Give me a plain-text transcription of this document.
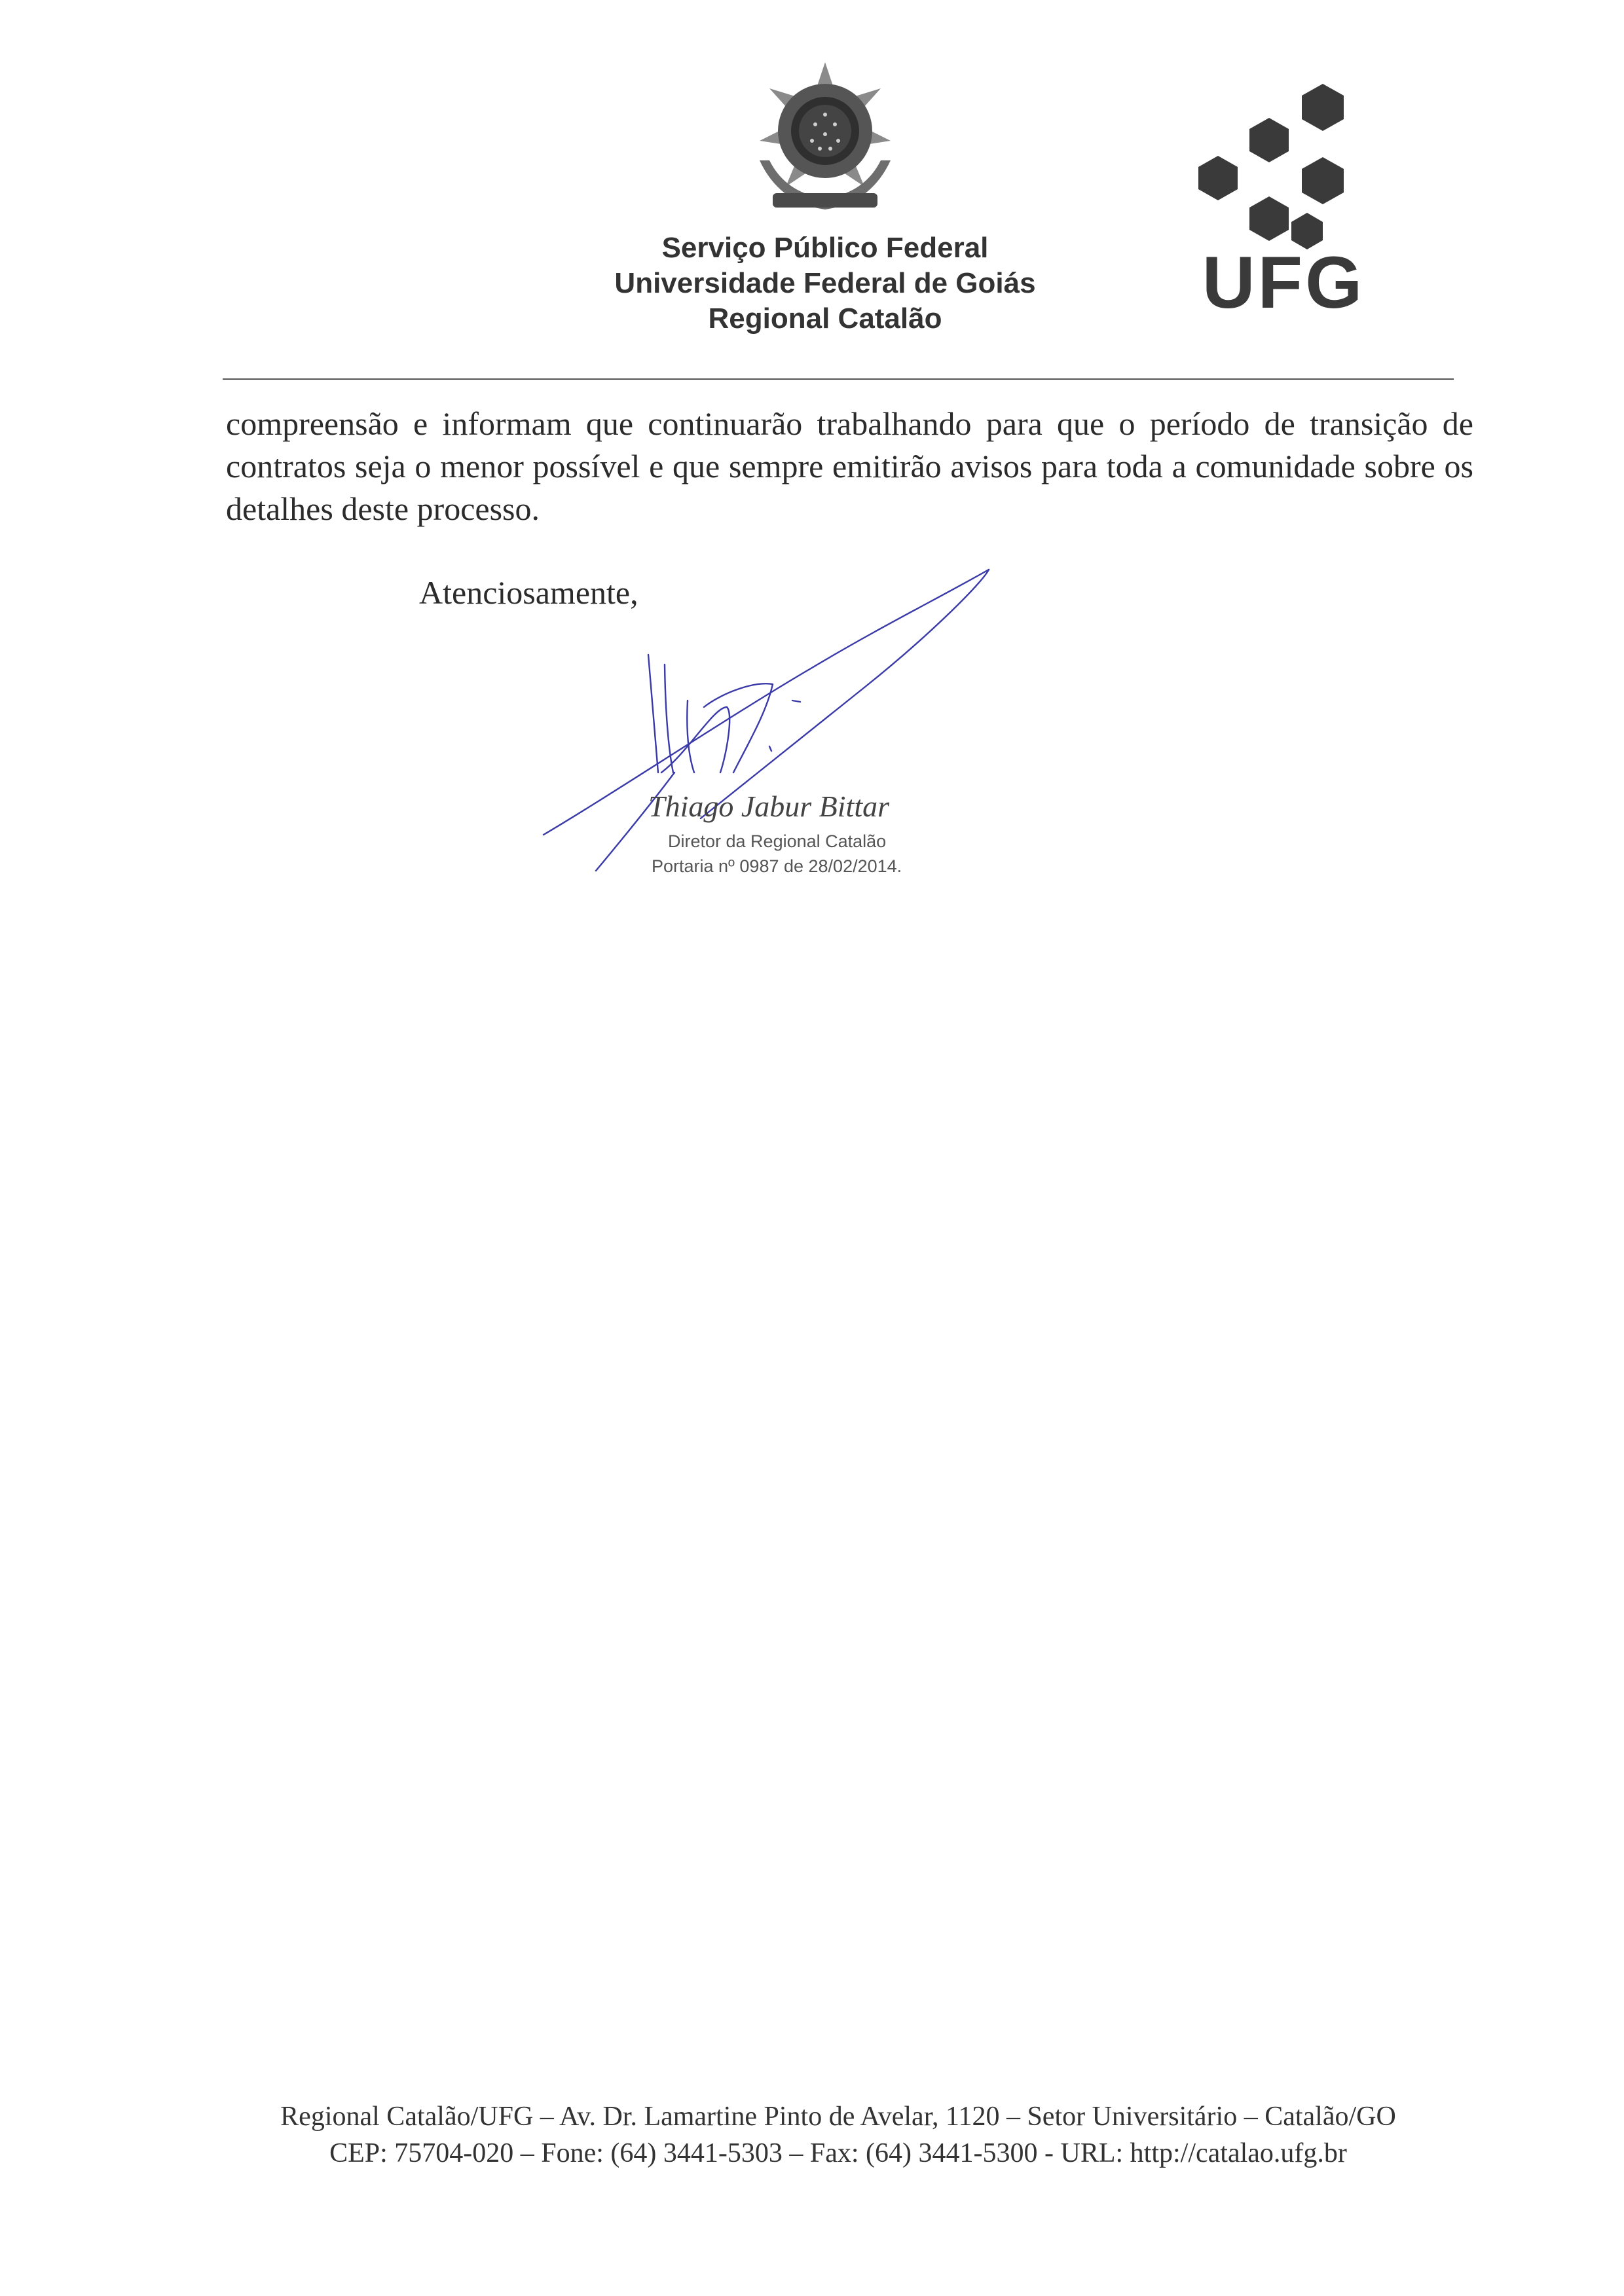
Serviço Público Federal
Universidade Federal de Goiás
Regional Catalão	UFG
compreensão e informam que continuarão trabalhando para que o período de transição de
contratos seja o menor possível e que sempre emitirão avisos para toda a comunidade sobre os
detalhes deste processo.
Atenciosamente,
Thiago Jabur Bittar
Diretor da Regional Catalão
Portaria nº 0987 de 28/02/2014.
Regional Catalão/UFG – Av. Dr. Lamartine Pinto de Avelar, 1120 – Setor Universitário – Catalão/GO
CEP: 75704-020 – Fone: (64) 3441-5303 – Fax: (64) 3441-5300 - URL: http://catalao.ufg.br
